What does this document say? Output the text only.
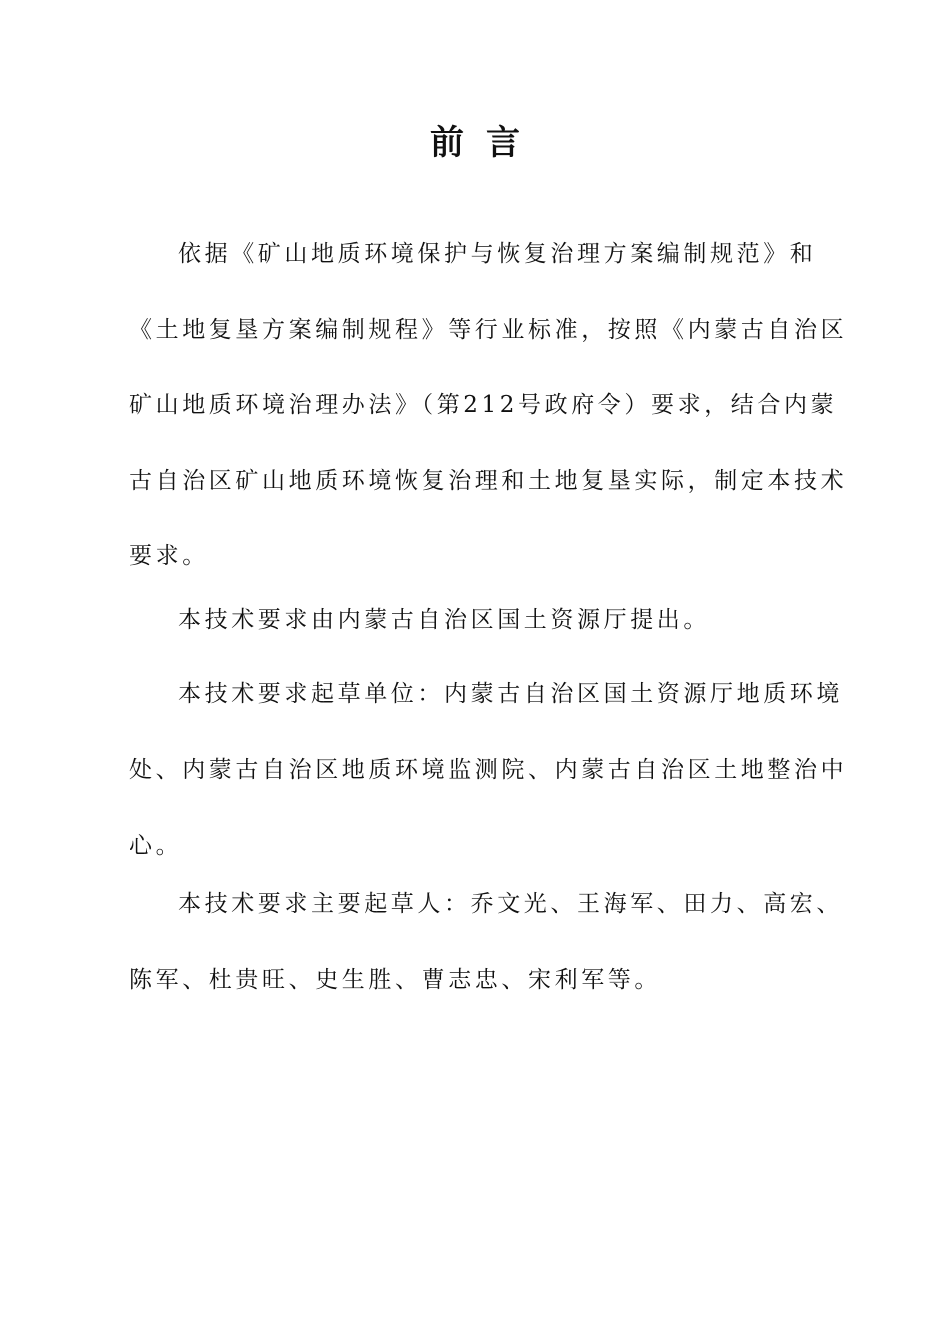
前言
依据《矿山地质环境保护与恢复治理方案编制规范》和
《土地复垦方案编制规程》等行业标准，按照《内蒙古自治区
矿山地质环境治理办法》（第212号政府令）要求，结合内蒙
古自治区矿山地质环境恢复治理和土地复垦实际，制定本技术
要求。
本技术要求由内蒙古自治区国土资源厅提出。
本技术要求起草单位：内蒙古自治区国土资源厅地质环境
处、内蒙古自治区地质环境监测院、内蒙古自治区土地整治中
心。
本技术要求主要起草人：乔文光、王海军、田力、高宏、
陈军、杜贵旺、史生胜、曹志忠、宋利军等。
